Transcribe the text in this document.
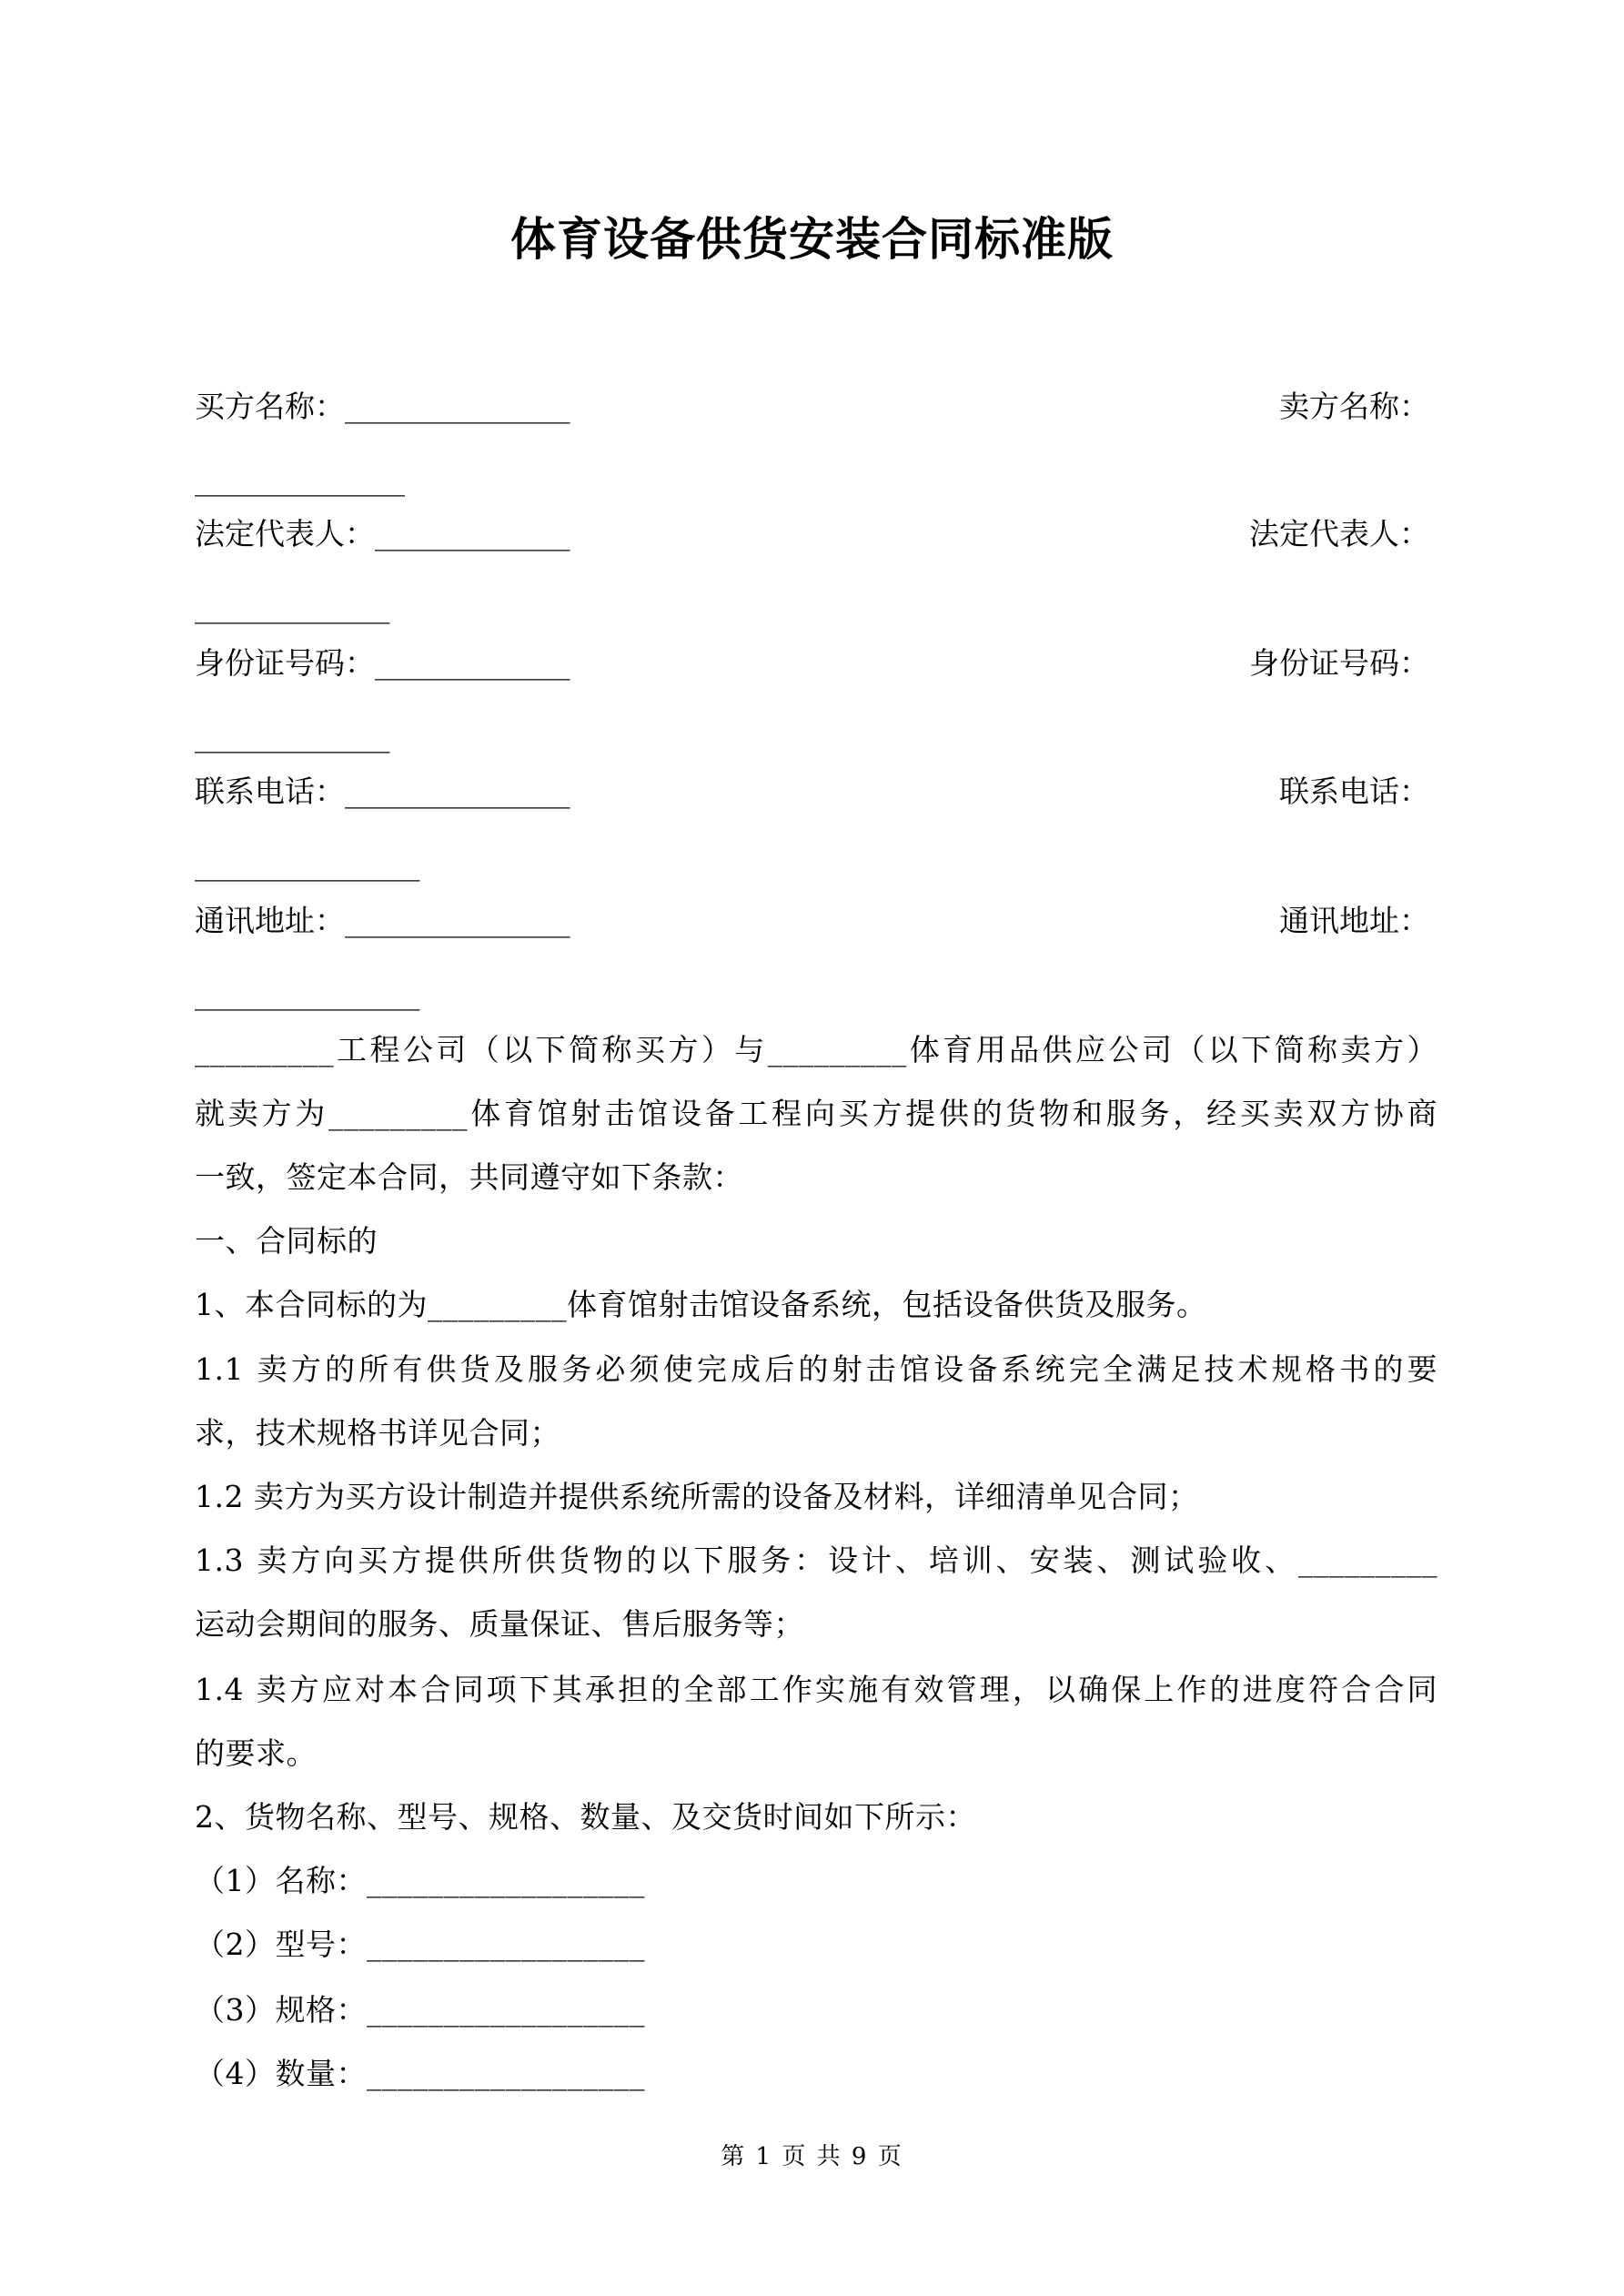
体育设备供货安装合同标准版
买方名称：_______________	卖方名称：
______________
法定代表人：_____________	法定代表人：
_____________
身份证号码：_____________	身份证号码：
_____________
联系电话：_______________	联系电话：
_______________
通讯地址：_______________	通讯地址：
_______________
_________工程公司（以下简称买方）与_________体育用品供应公司（以下简称卖方）
就卖方为_________体育馆射击馆设备工程向买方提供的货物和服务，经买卖双方协商
一致，签定本合同，共同遵守如下条款：
一、合同标的
1、本合同标的为_________体育馆射击馆设备系统，包括设备供货及服务。
1.1 卖方的所有供货及服务必须使完成后的射击馆设备系统完全满足技术规格书的要
求，技术规格书详见合同；
1.2 卖方为买方设计制造并提供系统所需的设备及材料，详细清单见合同；
1.3 卖方向买方提供所供货物的以下服务：设计、培训、安装、测试验收、_________
运动会期间的服务、质量保证、售后服务等；
1.4 卖方应对本合同项下其承担的全部工作实施有效管理，以确保上作的进度符合合同
的要求。
2、货物名称、型号、规格、数量、及交货时间如下所示：
（1）名称：__________________
（2）型号：__________________
（3）规格：__________________
（4）数量：__________________
第 1 页 共 9 页
